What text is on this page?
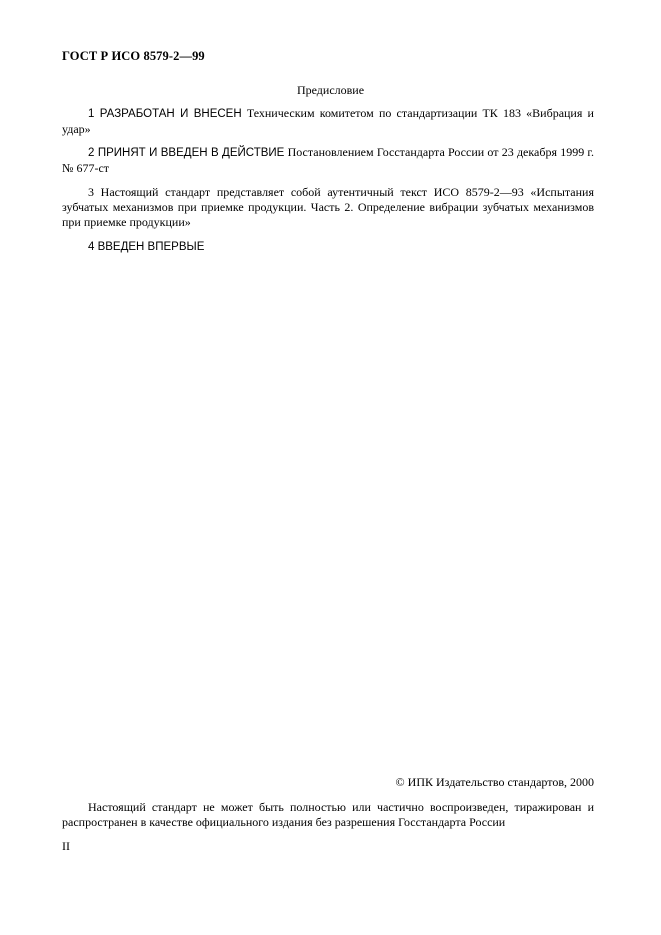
ГОСТ Р ИСО 8579-2—99
Предисловие

1 РАЗРАБОТАН И ВНЕСЕН Техническим комитетом по стандартизации ТК 183 «Вибрация и удар»

2 ПРИНЯТ И ВВЕДЕН В ДЕЙСТВИЕ Постановлением Госстандарта России от 23 декабря 1999 г. № 677-ст

3 Настоящий стандарт представляет собой аутентичный текст ИСО 8579-2—93 «Испытания зубчатых механизмов при приемке продукции. Часть 2. Определение вибрации зубчатых механизмов при приемке продукции»

4 ВВЕДЕН ВПЕРВЫЕ

© ИПК Издательство стандартов, 2000

Настоящий стандарт не может быть полностью или частично воспроизведен, тиражирован и распространен в качестве официального издания без разрешения Госстандарта России

II
